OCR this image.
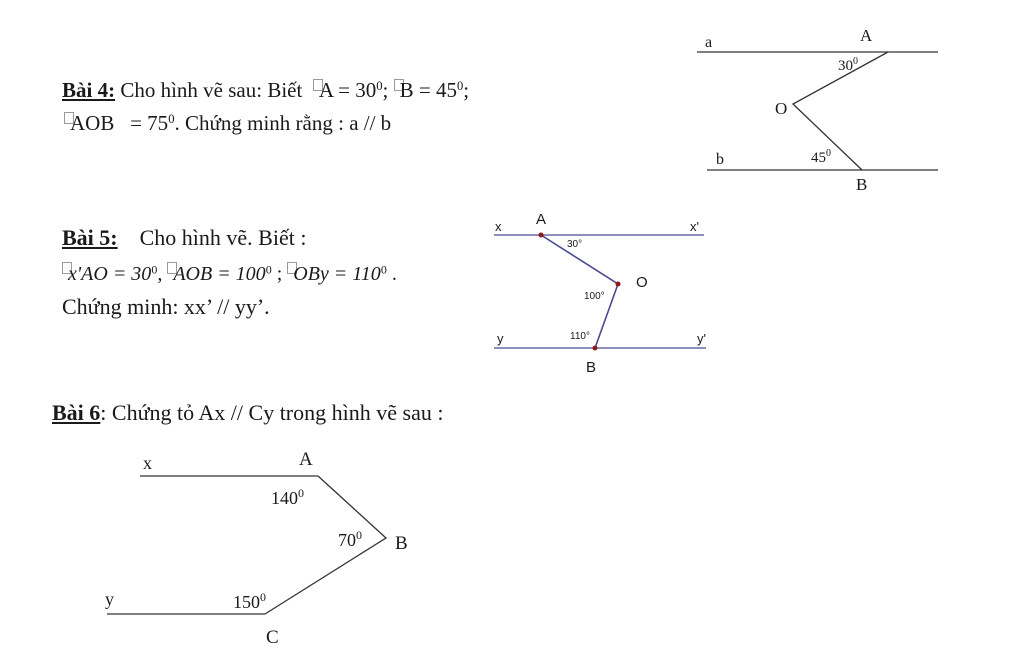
Bài 4: Cho hình vẽ sau: Biết $A = 30^0$; $B = 45^0$;
AOB = $75^0$. Chứng minh rằng : a // b
a
b
A
B
O
$30^0$
$45^0$
Bài 5: Cho hình vẽ. Biết :
$x'AO = 30^0$, AOB = $100^0$ ; OBy = $110^0$ .
Chứng minh: xx’ // yy’.
x	x'
y	y'
A
O
B
30°
100°
110°
Bài 6: Chứng tỏ Ax // Cy trong hình vẽ sau :
x
y
A
B
C
$140^0$
$70^0$
$150^0$
